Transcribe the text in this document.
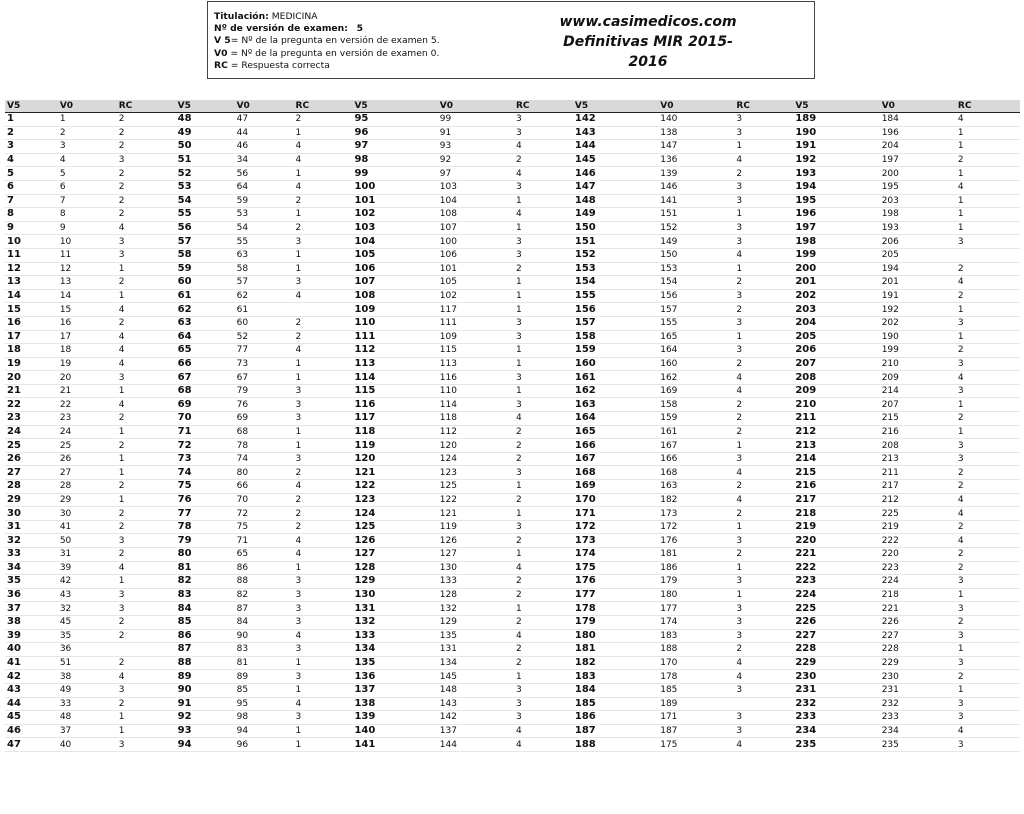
Titulación: MEDICINA
Nº de versión de examen: 5
V 5= Nº de la pregunta en versión de examen 5.
V0 = Nº de la pregunta en versión de examen 0.
RC = Respuesta correcta
www.casimedicos.com
Definitivas MIR 2015-2016
V5	V0	RC	V5	V0	RC	V5	V0	RC	V5	V0	RC	V5	V0	RC
1	1	2	48	47	2	95	99	3	142	140	3	189	184	4
2	2	2	49	44	1	96	91	3	143	138	3	190	196	1
3	3	2	50	46	4	97	93	4	144	147	1	191	204	1
4	4	3	51	34	4	98	92	2	145	136	4	192	197	2
5	5	2	52	56	1	99	97	4	146	139	2	193	200	1
6	6	2	53	64	4	100	103	3	147	146	3	194	195	4
7	7	2	54	59	2	101	104	1	148	141	3	195	203	1
8	8	2	55	53	1	102	108	4	149	151	1	196	198	1
9	9	4	56	54	2	103	107	1	150	152	3	197	193	1
10	10	3	57	55	3	104	100	3	151	149	3	198	206	3
11	11	3	58	63	1	105	106	3	152	150	4	199	205	
12	12	1	59	58	1	106	101	2	153	153	1	200	194	2
13	13	2	60	57	3	107	105	1	154	154	2	201	201	4
14	14	1	61	62	4	108	102	1	155	156	3	202	191	2
15	15	4	62	61		109	117	1	156	157	2	203	192	1
16	16	2	63	60	2	110	111	3	157	155	3	204	202	3
17	17	4	64	52	2	111	109	3	158	165	1	205	190	1
18	18	4	65	77	4	112	115	1	159	164	3	206	199	2
19	19	4	66	73	1	113	113	1	160	160	2	207	210	3
20	20	3	67	67	1	114	116	3	161	162	4	208	209	4
21	21	1	68	79	3	115	110	1	162	169	4	209	214	3
22	22	4	69	76	3	116	114	3	163	158	2	210	207	1
23	23	2	70	69	3	117	118	4	164	159	2	211	215	2
24	24	1	71	68	1	118	112	2	165	161	2	212	216	1
25	25	2	72	78	1	119	120	2	166	167	1	213	208	3
26	26	1	73	74	3	120	124	2	167	166	3	214	213	3
27	27	1	74	80	2	121	123	3	168	168	4	215	211	2
28	28	2	75	66	4	122	125	1	169	163	2	216	217	2
29	29	1	76	70	2	123	122	2	170	182	4	217	212	4
30	30	2	77	72	2	124	121	1	171	173	2	218	225	4
31	41	2	78	75	2	125	119	3	172	172	1	219	219	2
32	50	3	79	71	4	126	126	2	173	176	3	220	222	4
33	31	2	80	65	4	127	127	1	174	181	2	221	220	2
34	39	4	81	86	1	128	130	4	175	186	1	222	223	2
35	42	1	82	88	3	129	133	2	176	179	3	223	224	3
36	43	3	83	82	3	130	128	2	177	180	1	224	218	1
37	32	3	84	87	3	131	132	1	178	177	3	225	221	3
38	45	2	85	84	3	132	129	2	179	174	3	226	226	2
39	35	2	86	90	4	133	135	4	180	183	3	227	227	3
40	36		87	83	3	134	131	2	181	188	2	228	228	1
41	51	2	88	81	1	135	134	2	182	170	4	229	229	3
42	38	4	89	89	3	136	145	1	183	178	4	230	230	2
43	49	3	90	85	1	137	148	3	184	185	3	231	231	1
44	33	2	91	95	4	138	143	3	185	189		232	232	3
45	48	1	92	98	3	139	142	3	186	171	3	233	233	3
46	37	1	93	94	1	140	137	4	187	187	3	234	234	4
47	40	3	94	96	1	141	144	4	188	175	4	235	235	3
